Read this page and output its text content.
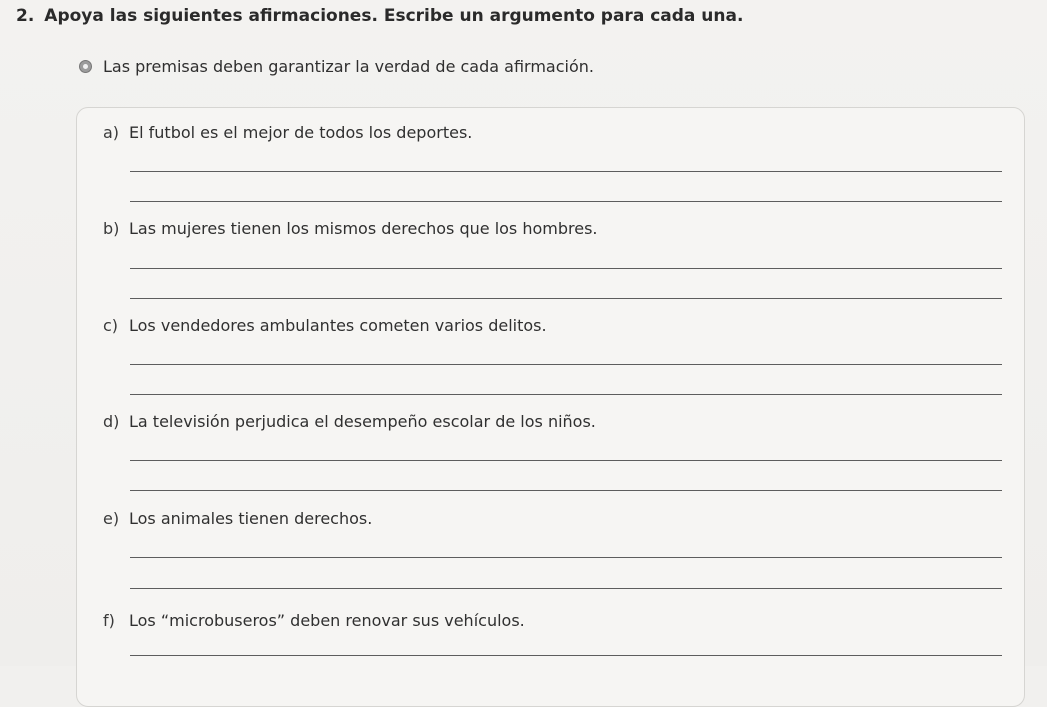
2. Apoya las siguientes afirmaciones. Escribe un argumento para cada una.
Las premisas deben garantizar la verdad de cada afirmación.
a) El futbol es el mejor de todos los deportes.
b) Las mujeres tienen los mismos derechos que los hombres.
c) Los vendedores ambulantes cometen varios delitos.
d) La televisión perjudica el desempeño escolar de los niños.
e) Los animales tienen derechos.
f) Los “microbuseros” deben renovar sus vehículos.
